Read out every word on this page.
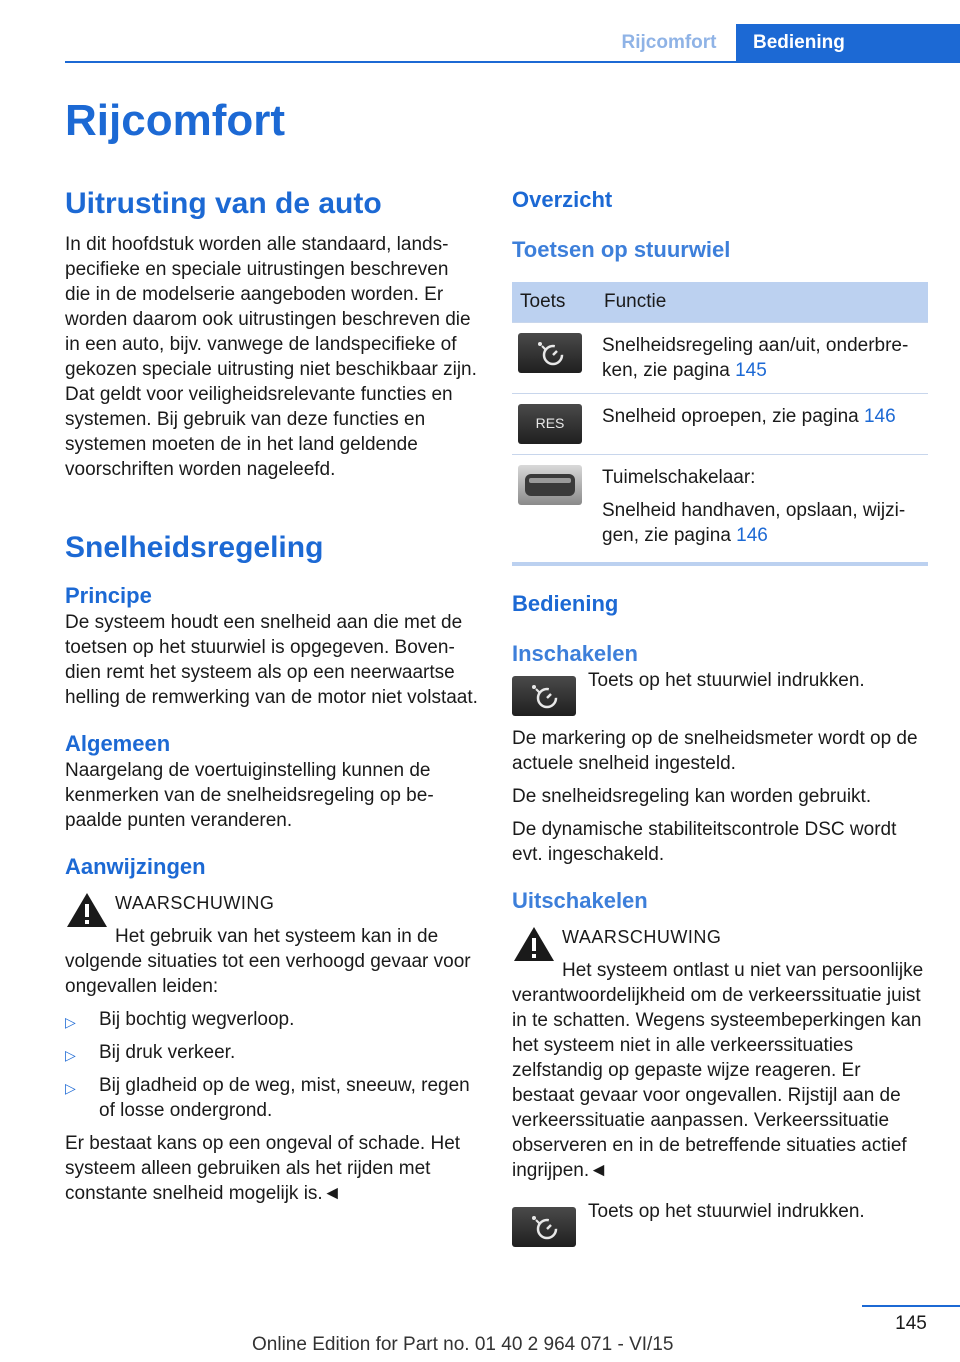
Rijcomfort	Bediening
Rijcomfort
Uitrusting van de auto
In dit hoofdstuk worden alle standaard, landspecifieke en speciale uitrustingen beschreven die in de modelserie aangeboden worden. Er worden daarom ook uitrustingen beschreven die in een auto, bijv. vanwege de landspecifieke of gekozen speciale uitrusting niet beschikbaar zijn. Dat geldt voor veiligheidsrelevante functies en systemen. Bij gebruik van deze functies en systemen moeten de in het land geldende voorschriften worden nageleefd.
Snelheidsregeling
Principe
De systeem houdt een snelheid aan die met de toetsen op het stuurwiel is opgegeven. Bovendien remt het systeem als op een neerwaartse helling de remwerking van de motor niet volstaat.
Algemeen
Naargelang de voertuiginstelling kunnen de kenmerken van de snelheidsregeling op bepaalde punten veranderen.
Aanwijzingen
WAARSCHUWING
Het gebruik van het systeem kan in de volgende situaties tot een verhoogd gevaar voor ongevallen leiden:
▷ Bij bochtig wegverloop.
▷ Bij druk verkeer.
▷ Bij gladheid op de weg, mist, sneeuw, regen of losse ondergrond.
Er bestaat kans op een ongeval of schade. Het systeem alleen gebruiken als het rijden met constante snelheid mogelijk is.◄
Overzicht
Toetsen op stuurwiel
Toets	Functie

	Snelheidsregeling aan/uit, onderbreken, zie pagina 145

RES	Snelheid oproepen, zie pagina 146

Tuimelschakelaar:
Snelheid handhaven, opslaan, wijzigen, zie pagina 146
Bediening
Inschakelen
Toets op het stuurwiel indrukken.
De markering op de snelheidsmeter wordt op de actuele snelheid ingesteld.
De snelheidsregeling kan worden gebruikt.
De dynamische stabiliteitscontrole DSC wordt evt. ingeschakeld.
Uitschakelen
WAARSCHUWING
Het systeem ontlast u niet van persoonlijke verantwoordelijkheid om de verkeerssituatie juist in te schatten. Wegens systeembeperkingen kan het systeem niet in alle verkeerssituaties zelfstandig op gepaste wijze reageren. Er bestaat gevaar voor ongevallen. Rijstijl aan de verkeerssituatie aanpassen. Verkeerssituatie observeren en in de betreffende situaties actief ingrijpen.◄
Toets op het stuurwiel indrukken.
145
Online Edition for Part no. 01 40 2 964 071 - VI/15
